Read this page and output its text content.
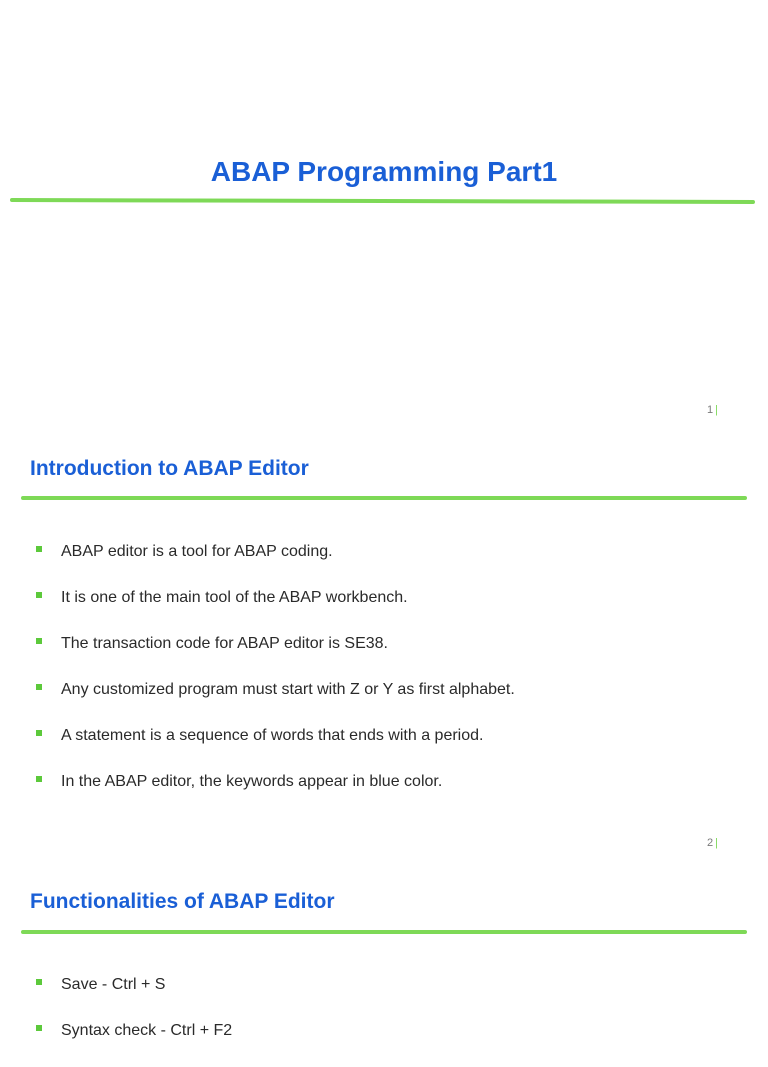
ABAP Programming Part1
1 |
Introduction to ABAP Editor
ABAP editor is a tool for ABAP coding.
It is one of the main tool of the ABAP workbench.
The transaction code for ABAP editor is SE38.
Any customized program must start with Z or Y as first alphabet.
A statement is a sequence of words that ends with a period.
In the ABAP editor, the keywords appear in blue color.
2 |
Functionalities of ABAP Editor
Save - Ctrl + S
Syntax check - Ctrl + F2
